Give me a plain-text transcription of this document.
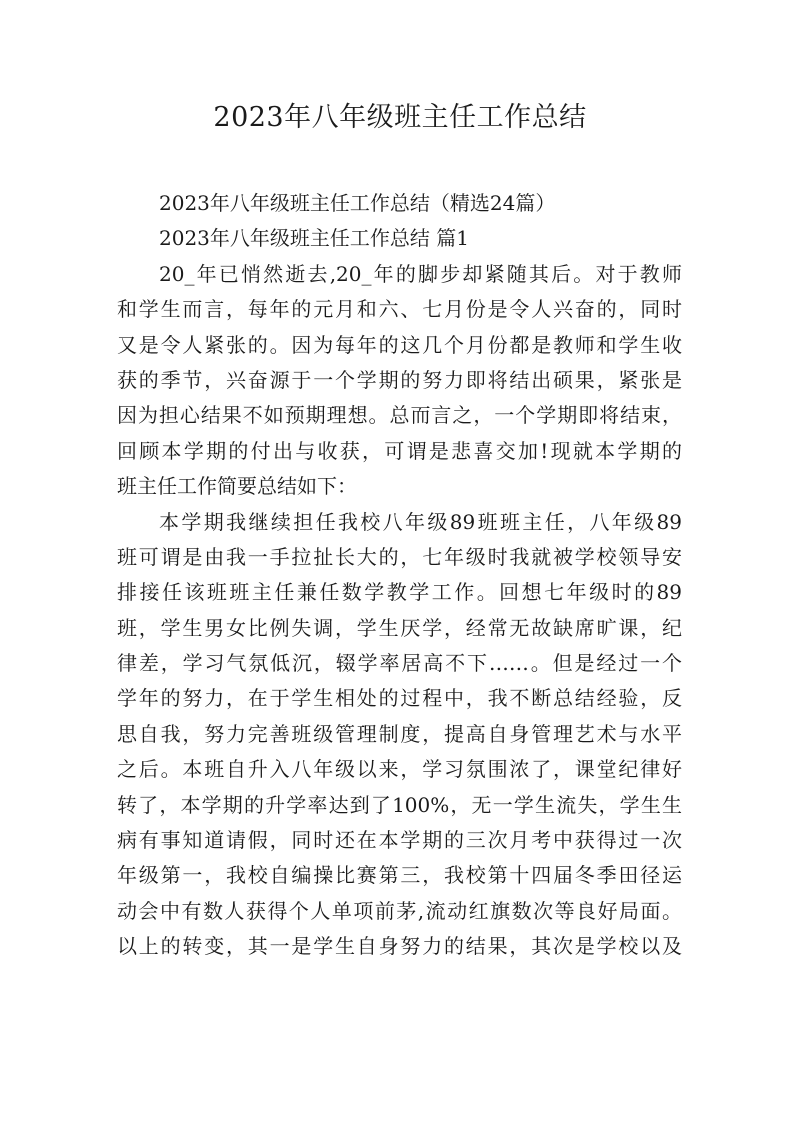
2023年八年级班主任工作总结
2023年八年级班主任工作总结（精选24篇）
2023年八年级班主任工作总结 篇1
20_年已悄然逝去,20_年的脚步却紧随其后。对于教师
和学生而言，每年的元月和六、七月份是令人兴奋的，同时
又是令人紧张的。因为每年的这几个月份都是教师和学生收
获的季节，兴奋源于一个学期的努力即将结出硕果，紧张是
因为担心结果不如预期理想。总而言之，一个学期即将结束，
回顾本学期的付出与收获，可谓是悲喜交加!现就本学期的
班主任工作简要总结如下：
本学期我继续担任我校八年级89班班主任，八年级89
班可谓是由我一手拉扯长大的，七年级时我就被学校领导安
排接任该班班主任兼任数学教学工作。回想七年级时的89
班，学生男女比例失调，学生厌学，经常无故缺席旷课，纪
律差，学习气氛低沉，辍学率居高不下……。但是经过一个
学年的努力，在于学生相处的过程中，我不断总结经验，反
思自我，努力完善班级管理制度，提高自身管理艺术与水平
之后。本班自升入八年级以来，学习氛围浓了，课堂纪律好
转了，本学期的升学率达到了100%，无一学生流失，学生生
病有事知道请假，同时还在本学期的三次月考中获得过一次
年级第一，我校自编操比赛第三，我校第十四届冬季田径运
动会中有数人获得个人单项前茅,流动红旗数次等良好局面。
以上的转变，其一是学生自身努力的结果，其次是学校以及
